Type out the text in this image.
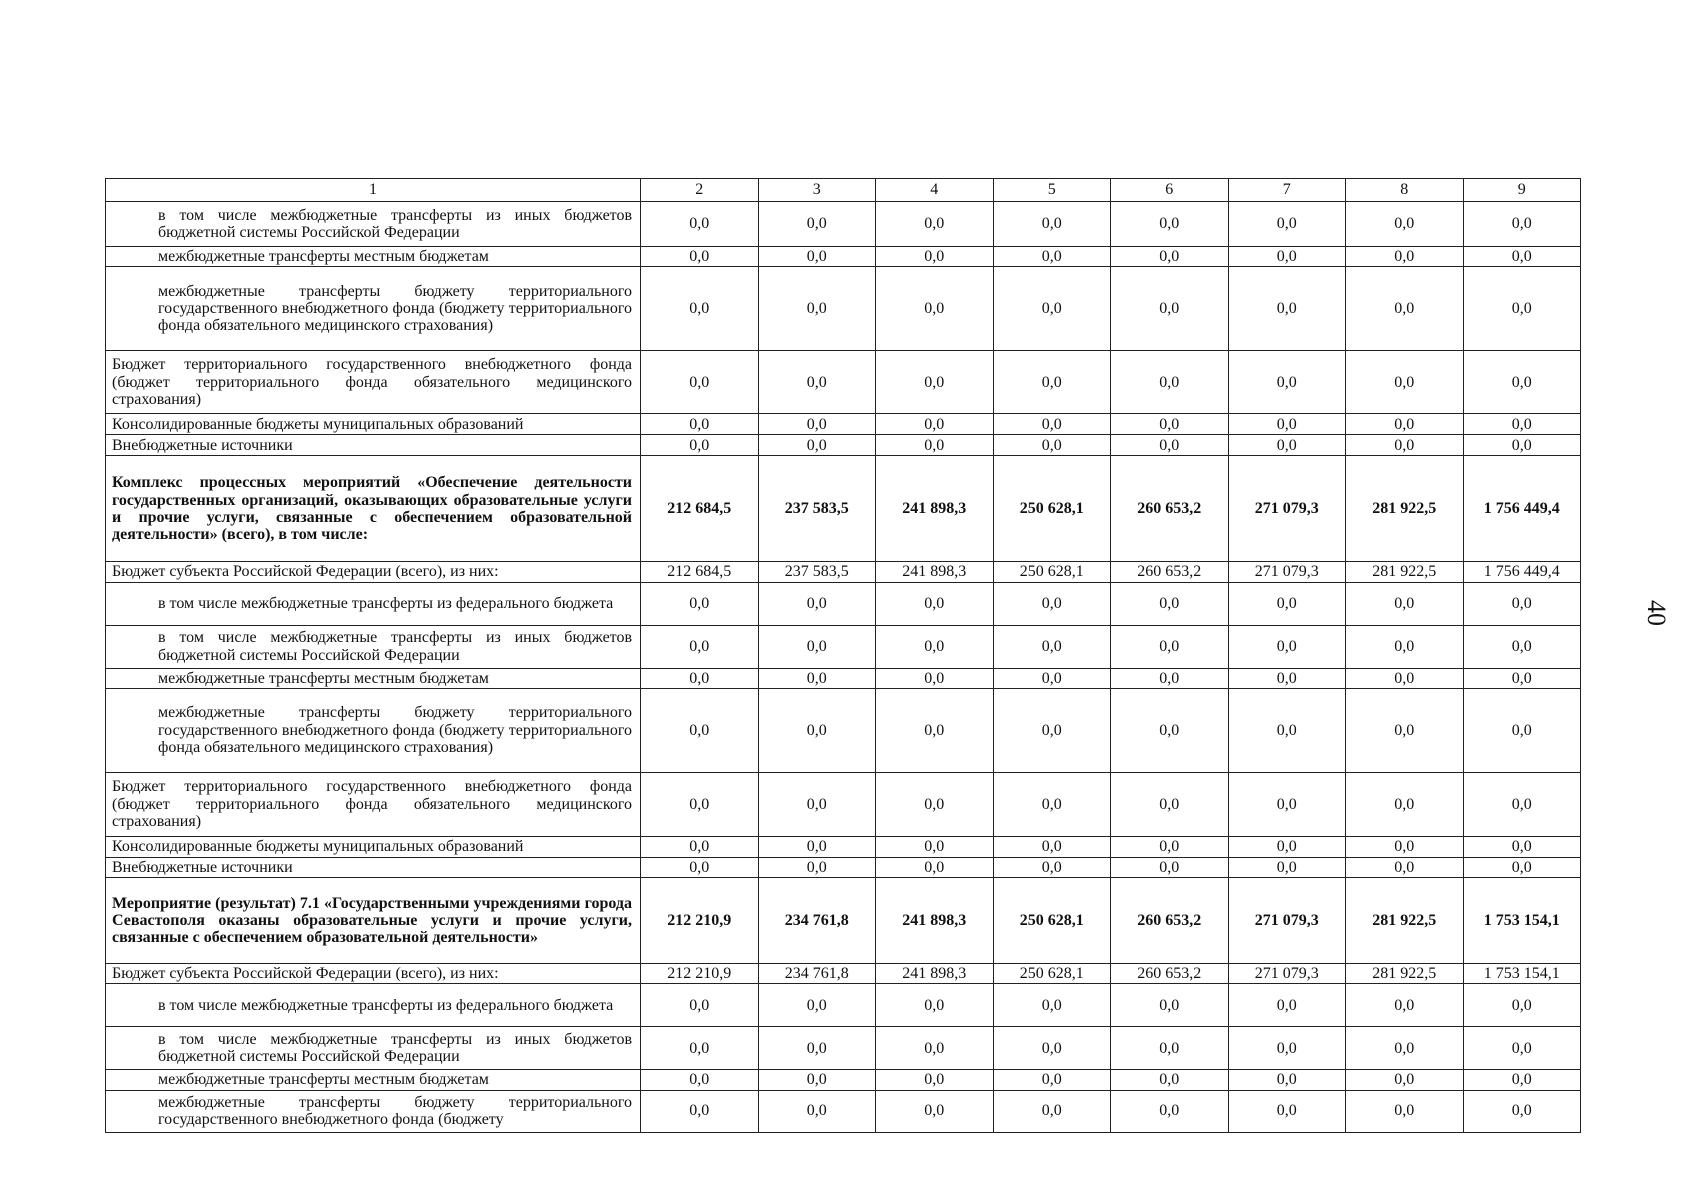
40
1	2	3	4	5	6	7	8	9
в том числе межбюджетные трансферты из иных бюджетов бюджетной системы Российской Федерации	0,0	0,0	0,0	0,0	0,0	0,0	0,0	0,0
межбюджетные трансферты местным бюджетам	0,0	0,0	0,0	0,0	0,0	0,0	0,0	0,0
межбюджетные трансферты бюджету территориального государственного внебюджетного фонда (бюджету территориального фонда обязательного медицинского страхования)	0,0	0,0	0,0	0,0	0,0	0,0	0,0	0,0
Бюджет территориального государственного внебюджетного фонда (бюджет территориального фонда обязательного медицинского страхования)	0,0	0,0	0,0	0,0	0,0	0,0	0,0	0,0
Консолидированные бюджеты муниципальных образований	0,0	0,0	0,0	0,0	0,0	0,0	0,0	0,0
Внебюджетные источники	0,0	0,0	0,0	0,0	0,0	0,0	0,0	0,0
Комплекс процессных мероприятий «Обеспечение деятельности государственных организаций, оказывающих образовательные услуги и прочие услуги, связанные с обеспечением образовательной деятельности» (всего), в том числе:	212 684,5	237 583,5	241 898,3	250 628,1	260 653,2	271 079,3	281 922,5	1 756 449,4
Бюджет субъекта Российской Федерации (всего), из них:	212 684,5	237 583,5	241 898,3	250 628,1	260 653,2	271 079,3	281 922,5	1 756 449,4
в том числе межбюджетные трансферты из федерального бюджета	0,0	0,0	0,0	0,0	0,0	0,0	0,0	0,0
в том числе межбюджетные трансферты из иных бюджетов бюджетной системы Российской Федерации	0,0	0,0	0,0	0,0	0,0	0,0	0,0	0,0
межбюджетные трансферты местным бюджетам	0,0	0,0	0,0	0,0	0,0	0,0	0,0	0,0
межбюджетные трансферты бюджету территориального государственного внебюджетного фонда (бюджету территориального фонда обязательного медицинского страхования)	0,0	0,0	0,0	0,0	0,0	0,0	0,0	0,0
Бюджет территориального государственного внебюджетного фонда (бюджет территориального фонда обязательного медицинского страхования)	0,0	0,0	0,0	0,0	0,0	0,0	0,0	0,0
Консолидированные бюджеты муниципальных образований	0,0	0,0	0,0	0,0	0,0	0,0	0,0	0,0
Внебюджетные источники	0,0	0,0	0,0	0,0	0,0	0,0	0,0	0,0
Мероприятие (результат) 7.1 «Государственными учреждениями города Севастополя оказаны образовательные услуги и прочие услуги, связанные с обеспечением образовательной деятельности»	212 210,9	234 761,8	241 898,3	250 628,1	260 653,2	271 079,3	281 922,5	1 753 154,1
Бюджет субъекта Российской Федерации (всего), из них:	212 210,9	234 761,8	241 898,3	250 628,1	260 653,2	271 079,3	281 922,5	1 753 154,1
в том числе межбюджетные трансферты из федерального бюджета	0,0	0,0	0,0	0,0	0,0	0,0	0,0	0,0
в том числе межбюджетные трансферты из иных бюджетов бюджетной системы Российской Федерации	0,0	0,0	0,0	0,0	0,0	0,0	0,0	0,0
межбюджетные трансферты местным бюджетам	0,0	0,0	0,0	0,0	0,0	0,0	0,0	0,0
межбюджетные трансферты бюджету территориального государственного внебюджетного фонда (бюджету	0,0	0,0	0,0	0,0	0,0	0,0	0,0	0,0
